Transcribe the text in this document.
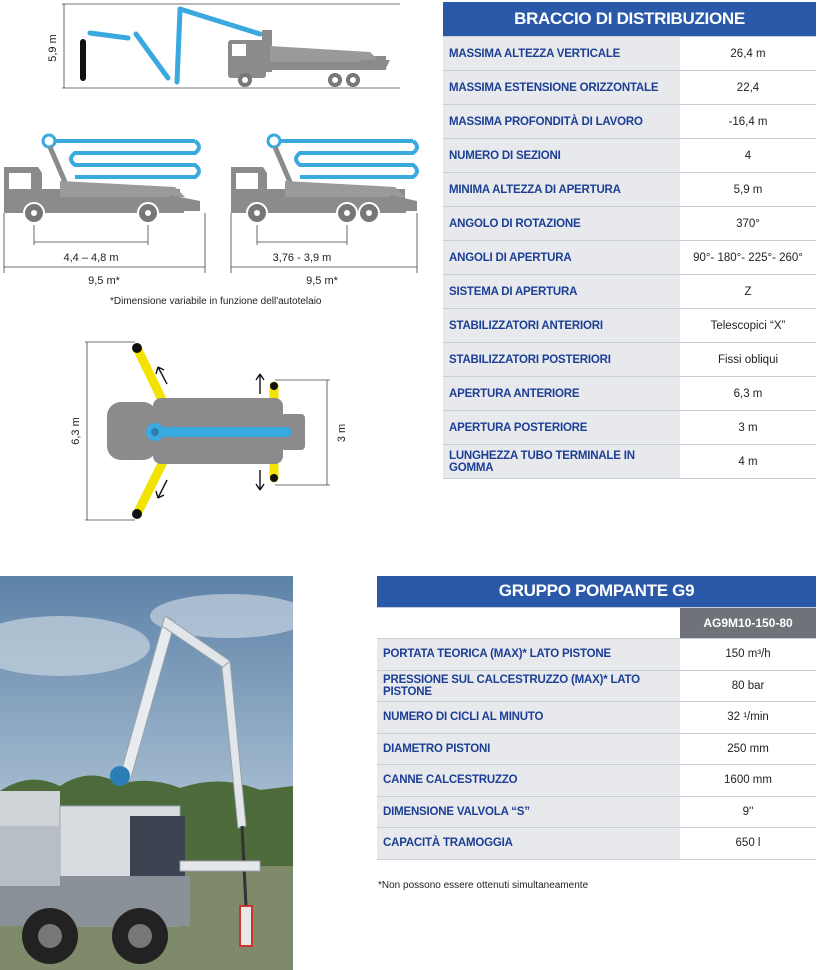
5,9 m
4,4 – 4,8 m
9,5 m*
3,76 - 3,9 m
9,5 m*
*Dimensione variabile in funzione dell'autotelaio
6,3 m	3 m
BRACCIO DI DISTRIBUZIONE	
MASSIMA ALTEZZA VERTICALE	26,4 m
MASSIMA ESTENSIONE ORIZZONTALE	22,4
MASSIMA PROFONDITÀ DI LAVORO	-16,4 m
NUMERO DI SEZIONI	4
MINIMA ALTEZZA DI APERTURA	5,9 m
ANGOLO DI ROTAZIONE	370°
ANGOLI DI APERTURA	90°- 180°- 225°- 260°
SISTEMA DI APERTURA	Z
STABILIZZATORI ANTERIORI	Telescopici “X”
STABILIZZATORI POSTERIORI	Fissi obliqui
APERTURA ANTERIORE	6,3 m
APERTURA POSTERIORE	3 m
LUNGHEZZA TUBO TERMINALE IN GOMMA	4 m
GRUPPO POMPANTE G9	
	AG9M10-150-80
PORTATA TEORICA (MAX)* LATO PISTONE	150 m³/h
PRESSIONE SUL CALCESTRUZZO (MAX)* LATO PISTONE	80 bar
NUMERO DI CICLI AL MINUTO	32 ¹/min
DIAMETRO PISTONI	250 mm
CANNE CALCESTRUZZO	1600 mm
DIMENSIONE VALVOLA “S”	9''
CAPACITÀ TRAMOGGIA	650 l
*Non possono essere ottenuti simultaneamente
